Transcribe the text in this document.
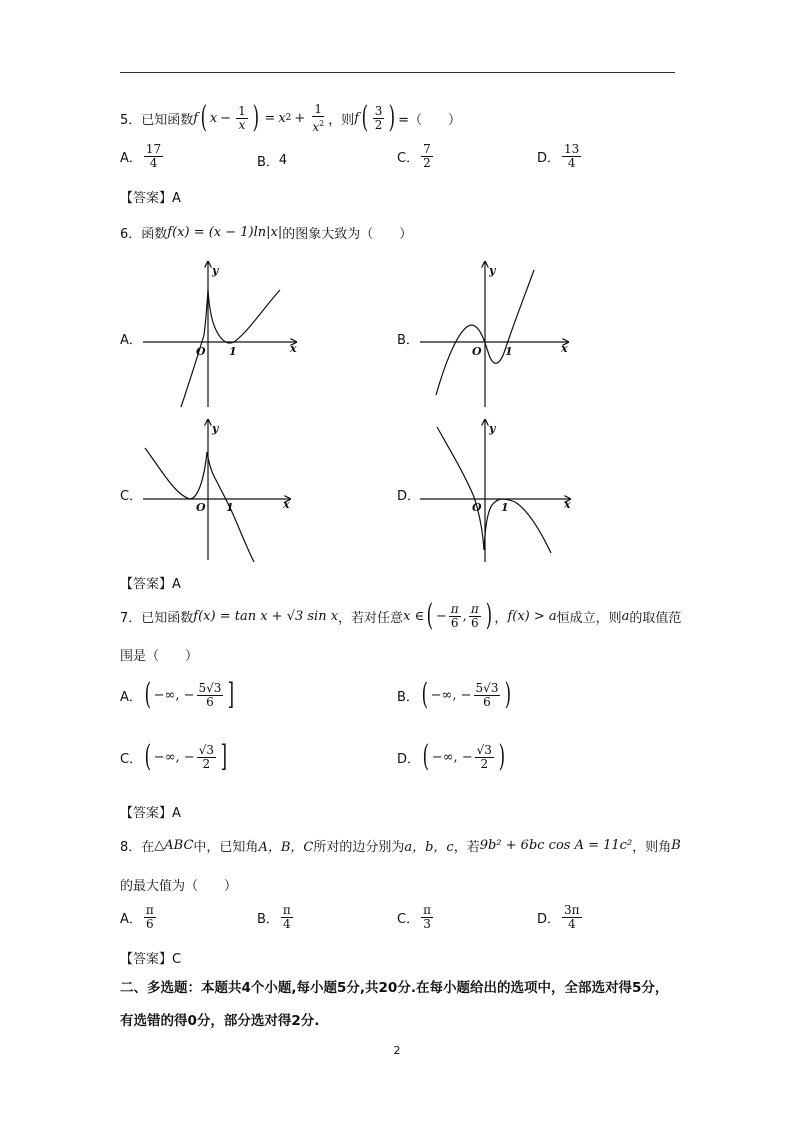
5．已知函数 f ( $x - \frac{1}{x}$ ) = x $2 + \frac{1}{x^2}$ ，则 f ( $\frac{3}{2}$ ) =（　　）
A． $\frac{17}{4}$	B． 4	C． $\frac{7}{2}$	D． $\frac{13}{4}$
【答案】A
6．函数 f(x) = (x − 1)ln|x| 的图象大致为（　　）
A．	B．
C．	D．
y
x
O 1
y
x
O 1
y
x
O 1
y
x
O 1
【答案】A
7．已知函数 f(x) = tan x + √3 sin x ，若对任意 x ∈ ( − $\frac{\pi}{6}$ , $\frac{\pi}{6}$ ) ， f(x) > a 恒成立，则 a 的取值范
围是（　　）
A． ( −∞, − $\frac{5√3}{6}$ ]	B． ( −∞, − $\frac{5√3}{6}$ )
C． ( −∞, − $\frac{√3}{2}$ ]	D． ( −∞, − $\frac{√3}{2}$ )
【答案】A
8．在 △ ABC 中，已知角 A，B，C 所对的边分别为 a，b，c ，若 9b² + 6bc cos A = 11c² ，则角 B
的最大值为（　　）
A． $\frac{\pi}{6}$	B． $\frac{\pi}{4}$	C． $\frac{\pi}{3}$	D． $\frac{3\pi}{4}$
【答案】C
二、多选题：本题共4个小题,每小题5分,共20分.在每小题给出的选项中，全部选对得5分，有选错的得0分，部分选对得2分.
2
